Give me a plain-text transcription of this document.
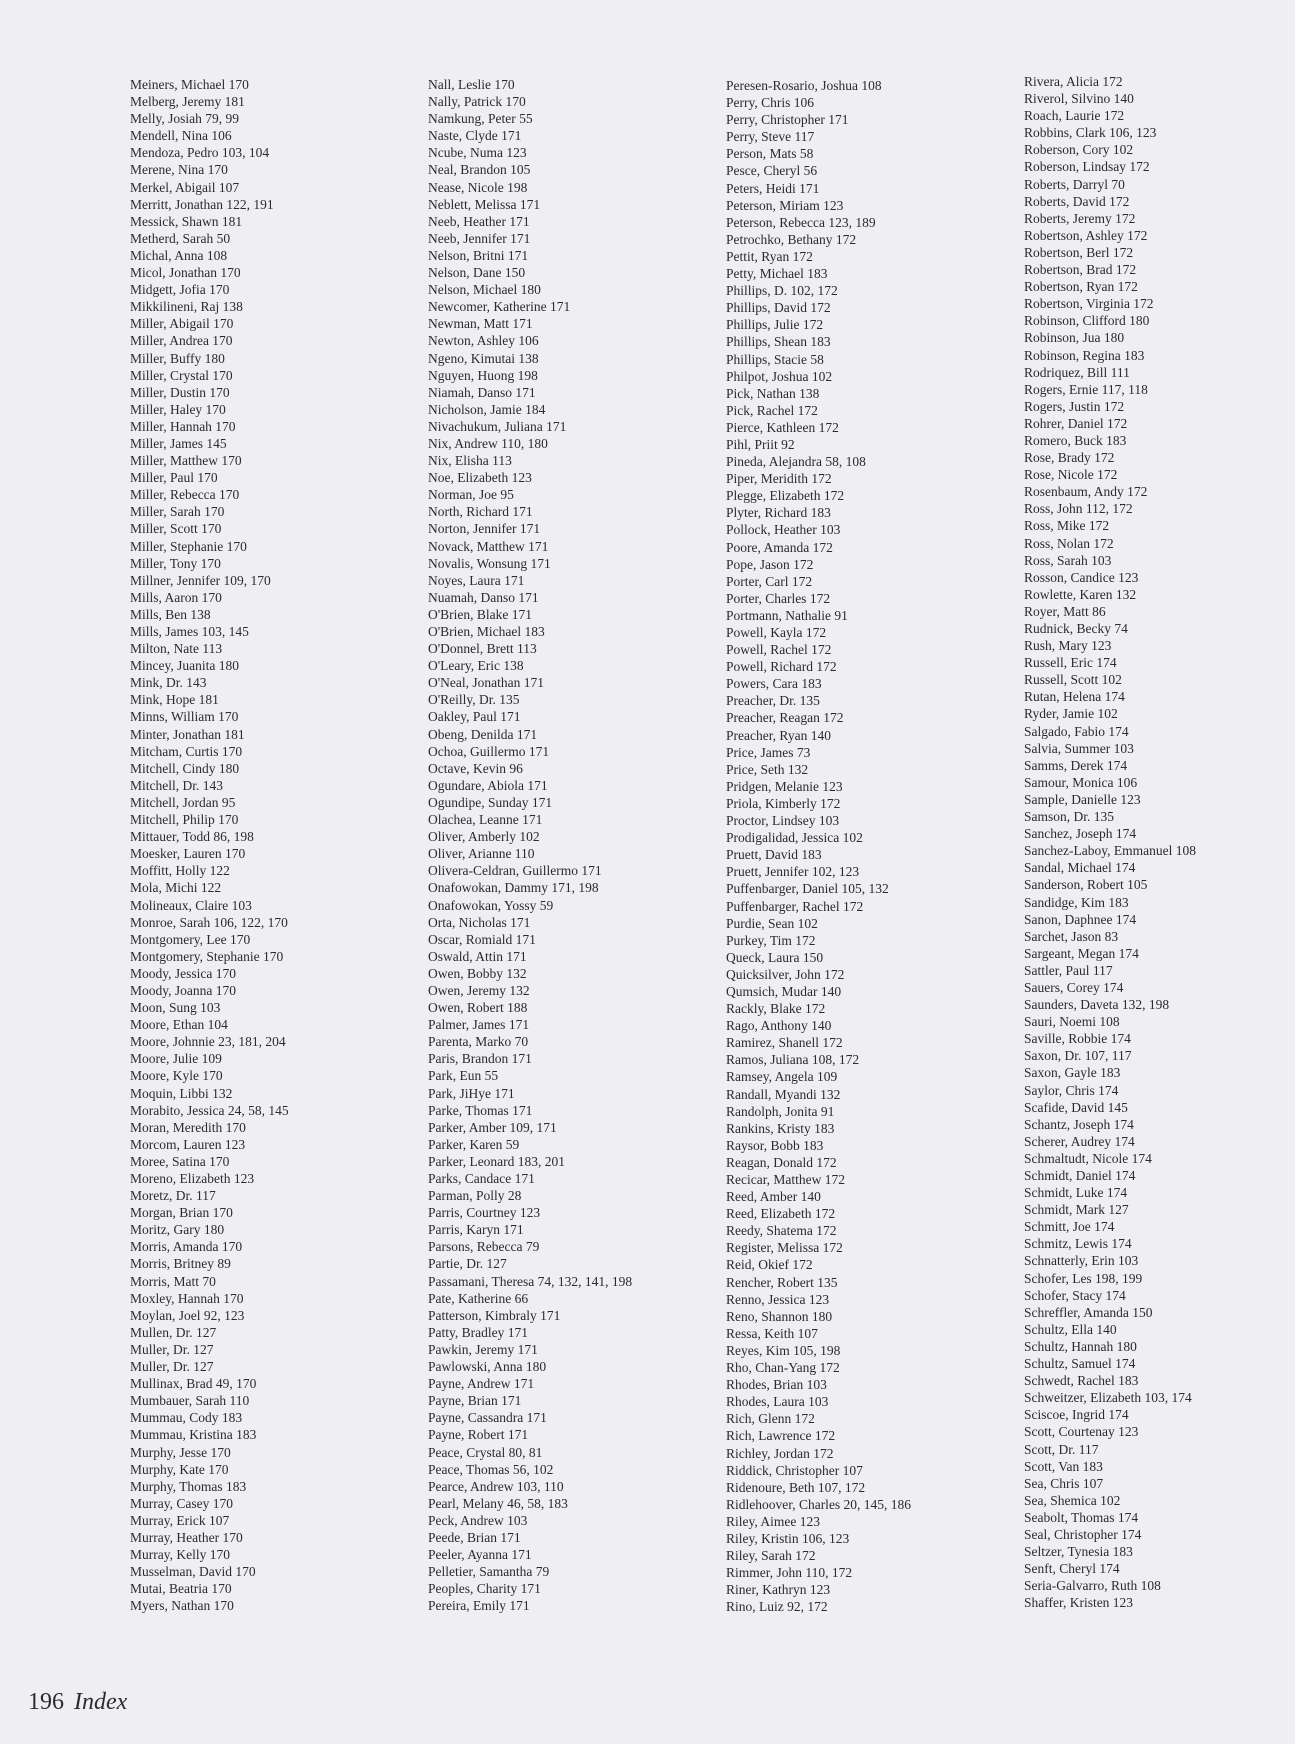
Meiners, Michael 170
Melberg, Jeremy 181
Melly, Josiah 79, 99
Mendell, Nina 106
Mendoza, Pedro 103, 104
Merene, Nina 170
Merkel, Abigail 107
Merritt, Jonathan 122, 191
Messick, Shawn 181
Metherd, Sarah 50
Michal, Anna 108
Micol, Jonathan 170
Midgett, Jofia 170
Mikkilineni, Raj 138
Miller, Abigail 170
Miller, Andrea 170
Miller, Buffy 180
Miller, Crystal 170
Miller, Dustin 170
Miller, Haley 170
Miller, Hannah 170
Miller, James 145
Miller, Matthew 170
Miller, Paul 170
Miller, Rebecca 170
Miller, Sarah 170
Miller, Scott 170
Miller, Stephanie 170
Miller, Tony 170
Millner, Jennifer 109, 170
Mills, Aaron 170
Mills, Ben 138
Mills, James 103, 145
Milton, Nate 113
Mincey, Juanita 180
Mink, Dr. 143
Mink, Hope 181
Minns, William 170
Minter, Jonathan 181
Mitcham, Curtis 170
Mitchell, Cindy 180
Mitchell, Dr. 143
Mitchell, Jordan 95
Mitchell, Philip 170
Mittauer, Todd 86, 198
Moesker, Lauren 170
Moffitt, Holly 122
Mola, Michi 122
Molineaux, Claire 103
Monroe, Sarah 106, 122, 170
Montgomery, Lee 170
Montgomery, Stephanie 170
Moody, Jessica 170
Moody, Joanna 170
Moon, Sung 103
Moore, Ethan 104
Moore, Johnnie 23, 181, 204
Moore, Julie 109
Moore, Kyle 170
Moquin, Libbi 132
Morabito, Jessica 24, 58, 145
Moran, Meredith 170
Morcom, Lauren 123
Moree, Satina 170
Moreno, Elizabeth 123
Moretz, Dr. 117
Morgan, Brian 170
Moritz, Gary 180
Morris, Amanda 170
Morris, Britney 89
Morris, Matt 70
Moxley, Hannah 170
Moylan, Joel 92, 123
Mullen, Dr. 127
Muller, Dr. 127
Muller, Dr. 127
Mullinax, Brad 49, 170
Mumbauer, Sarah 110
Mummau, Cody 183
Mummau, Kristina 183
Murphy, Jesse 170
Murphy, Kate 170
Murphy, Thomas 183
Murray, Casey 170
Murray, Erick 107
Murray, Heather 170
Murray, Kelly 170
Musselman, David 170
Mutai, Beatria 170
Myers, Nathan 170
Nall, Leslie 170
Nally, Patrick 170
Namkung, Peter 55
Naste, Clyde 171
Ncube, Numa 123
Neal, Brandon 105
Nease, Nicole 198
Neblett, Melissa 171
Neeb, Heather 171
Neeb, Jennifer 171
Nelson, Britni 171
Nelson, Dane 150
Nelson, Michael 180
Newcomer, Katherine 171
Newman, Matt 171
Newton, Ashley 106
Ngeno, Kimutai 138
Nguyen, Huong 198
Niamah, Danso 171
Nicholson, Jamie 184
Nivachukum, Juliana 171
Nix, Andrew 110, 180
Nix, Elisha 113
Noe, Elizabeth 123
Norman, Joe 95
North, Richard 171
Norton, Jennifer 171
Novack, Matthew 171
Novalis, Wonsung 171
Noyes, Laura 171
Nuamah, Danso 171
O'Brien, Blake 171
O'Brien, Michael 183
O'Donnel, Brett 113
O'Leary, Eric 138
O'Neal, Jonathan 171
O'Reilly, Dr. 135
Oakley, Paul 171
Obeng, Denilda 171
Ochoa, Guillermo 171
Octave, Kevin 96
Ogundare, Abiola 171
Ogundipe, Sunday 171
Olachea, Leanne 171
Oliver, Amberly 102
Oliver, Arianne 110
Olivera-Celdran, Guillermo 171
Onafowokan, Dammy 171, 198
Onafowokan, Yossy 59
Orta, Nicholas 171
Oscar, Romiald 171
Oswald, Attin 171
Owen, Bobby 132
Owen, Jeremy 132
Owen, Robert 188
Palmer, James 171
Parenta, Marko 70
Paris, Brandon 171
Park, Eun 55
Park, JiHye 171
Parke, Thomas 171
Parker, Amber 109, 171
Parker, Karen 59
Parker, Leonard 183, 201
Parks, Candace 171
Parman, Polly 28
Parris, Courtney 123
Parris, Karyn 171
Parsons, Rebecca 79
Partie, Dr. 127
Passamani, Theresa 74, 132, 141, 198
Pate, Katherine 66
Patterson, Kimbraly 171
Patty, Bradley 171
Pawkin, Jeremy 171
Pawlowski, Anna 180
Payne, Andrew 171
Payne, Brian 171
Payne, Cassandra 171
Payne, Robert 171
Peace, Crystal 80, 81
Peace, Thomas 56, 102
Pearce, Andrew 103, 110
Pearl, Melany 46, 58, 183
Peck, Andrew 103
Peede, Brian 171
Peeler, Ayanna 171
Pelletier, Samantha 79
Peoples, Charity 171
Pereira, Emily 171
Peresen-Rosario, Joshua 108
Perry, Chris 106
Perry, Christopher 171
Perry, Steve 117
Person, Mats 58
Pesce, Cheryl 56
Peters, Heidi 171
Peterson, Miriam 123
Peterson, Rebecca 123, 189
Petrochko, Bethany 172
Pettit, Ryan 172
Petty, Michael 183
Phillips, D. 102, 172
Phillips, David 172
Phillips, Julie 172
Phillips, Shean 183
Phillips, Stacie 58
Philpot, Joshua 102
Pick, Nathan 138
Pick, Rachel 172
Pierce, Kathleen 172
Pihl, Priit 92
Pineda, Alejandra 58, 108
Piper, Meridith 172
Plegge, Elizabeth 172
Plyter, Richard 183
Pollock, Heather 103
Poore, Amanda 172
Pope, Jason 172
Porter, Carl 172
Porter, Charles 172
Portmann, Nathalie 91
Powell, Kayla 172
Powell, Rachel 172
Powell, Richard 172
Powers, Cara 183
Preacher, Dr. 135
Preacher, Reagan 172
Preacher, Ryan 140
Price, James 73
Price, Seth 132
Pridgen, Melanie 123
Priola, Kimberly 172
Proctor, Lindsey 103
Prodigalidad, Jessica 102
Pruett, David 183
Pruett, Jennifer 102, 123
Puffenbarger, Daniel 105, 132
Puffenbarger, Rachel 172
Purdie, Sean 102
Purkey, Tim 172
Queck, Laura 150
Quicksilver, John 172
Qumsich, Mudar 140
Rackly, Blake 172
Rago, Anthony 140
Ramirez, Shanell 172
Ramos, Juliana 108, 172
Ramsey, Angela 109
Randall, Myandi 132
Randolph, Jonita 91
Rankins, Kristy 183
Raysor, Bobb 183
Reagan, Donald 172
Recicar, Matthew 172
Reed, Amber 140
Reed, Elizabeth 172
Reedy, Shatema 172
Register, Melissa 172
Reid, Okief 172
Rencher, Robert 135
Renno, Jessica 123
Reno, Shannon 180
Ressa, Keith 107
Reyes, Kim 105, 198
Rho, Chan-Yang 172
Rhodes, Brian 103
Rhodes, Laura 103
Rich, Glenn 172
Rich, Lawrence 172
Richley, Jordan 172
Riddick, Christopher 107
Ridenoure, Beth 107, 172
Ridlehoover, Charles 20, 145, 186
Riley, Aimee 123
Riley, Kristin 106, 123
Riley, Sarah 172
Rimmer, John 110, 172
Riner, Kathryn 123
Rino, Luiz 92, 172
Rivera, Alicia 172
Riverol, Silvino 140
Roach, Laurie 172
Robbins, Clark 106, 123
Roberson, Cory 102
Roberson, Lindsay 172
Roberts, Darryl 70
Roberts, David 172
Roberts, Jeremy 172
Robertson, Ashley 172
Robertson, Berl 172
Robertson, Brad 172
Robertson, Ryan 172
Robertson, Virginia 172
Robinson, Clifford 180
Robinson, Jua 180
Robinson, Regina 183
Rodriquez, Bill 111
Rogers, Ernie 117, 118
Rogers, Justin 172
Rohrer, Daniel 172
Romero, Buck 183
Rose, Brady 172
Rose, Nicole 172
Rosenbaum, Andy 172
Ross, John 112, 172
Ross, Mike 172
Ross, Nolan 172
Ross, Sarah 103
Rosson, Candice 123
Rowlette, Karen 132
Royer, Matt 86
Rudnick, Becky 74
Rush, Mary 123
Russell, Eric 174
Russell, Scott 102
Rutan, Helena 174
Ryder, Jamie 102
Salgado, Fabio 174
Salvia, Summer 103
Samms, Derek 174
Samour, Monica 106
Sample, Danielle 123
Samson, Dr. 135
Sanchez, Joseph 174
Sanchez-Laboy, Emmanuel 108
Sandal, Michael 174
Sanderson, Robert 105
Sandidge, Kim 183
Sanon, Daphnee 174
Sarchet, Jason 83
Sargeant, Megan 174
Sattler, Paul 117
Sauers, Corey 174
Saunders, Daveta 132, 198
Sauri, Noemi 108
Saville, Robbie 174
Saxon, Dr. 107, 117
Saxon, Gayle 183
Saylor, Chris 174
Scafide, David 145
Schantz, Joseph 174
Scherer, Audrey 174
Schmaltudt, Nicole 174
Schmidt, Daniel 174
Schmidt, Luke 174
Schmidt, Mark 127
Schmitt, Joe 174
Schmitz, Lewis 174
Schnatterly, Erin 103
Schofer, Les 198, 199
Schofer, Stacy 174
Schreffler, Amanda 150
Schultz, Ella 140
Schultz, Hannah 180
Schultz, Samuel 174
Schwedt, Rachel 183
Schweitzer, Elizabeth 103, 174
Sciscoe, Ingrid 174
Scott, Courtenay 123
Scott, Dr. 117
Scott, Van 183
Sea, Chris 107
Sea, Shemica 102
Seabolt, Thomas 174
Seal, Christopher 174
Seltzer, Tynesia 183
Senft, Cheryl 174
Seria-Galvarro, Ruth 108
Shaffer, Kristen 123
196 Index
